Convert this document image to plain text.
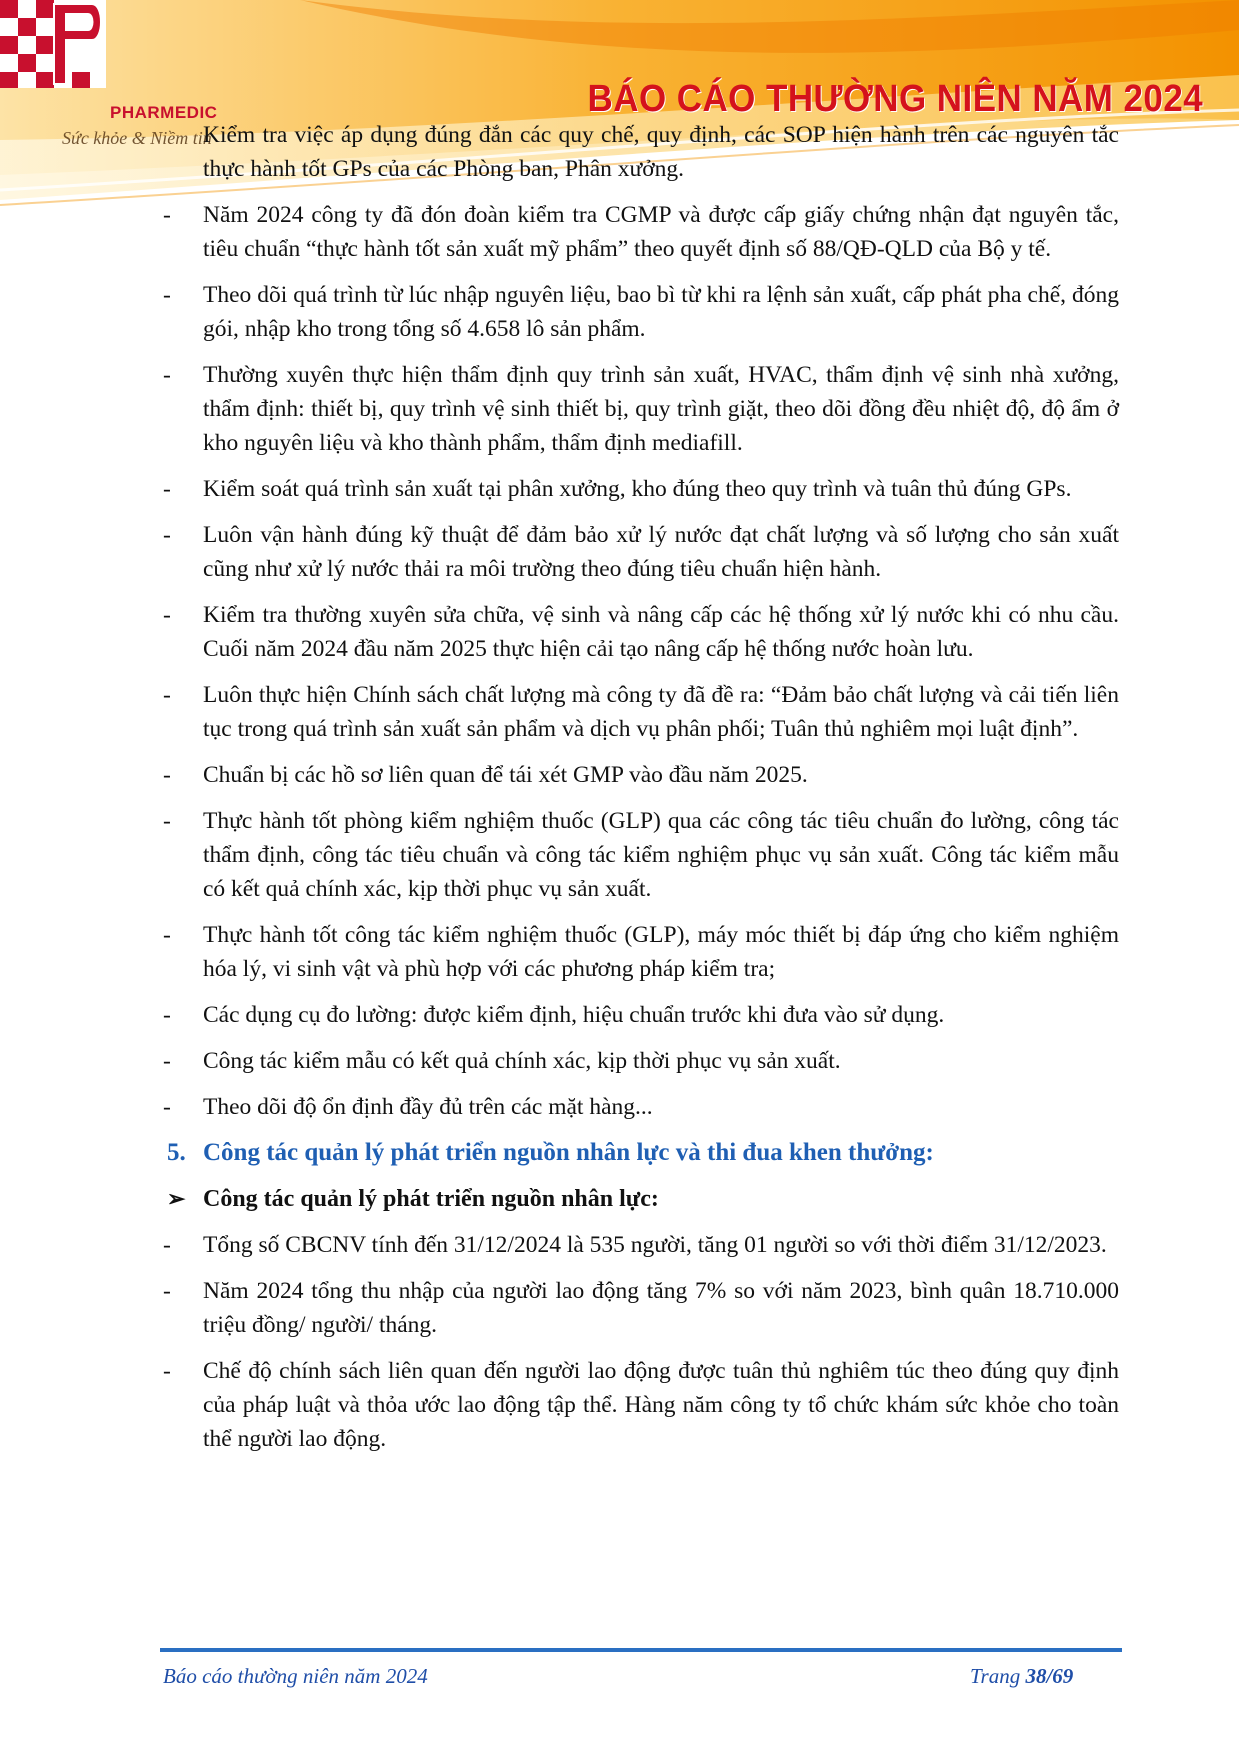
PHARMEDIC
Sức khỏe & Niềm tin
BÁO CÁO THƯỜNG NIÊN NĂM 2024
Kiểm tra việc áp dụng đúng đắn các quy chế, quy định, các SOP hiện hành trên các nguyên tắc thực hành tốt GPs của các Phòng ban, Phân xưởng.
-	Năm 2024 công ty đã đón đoàn kiểm tra CGMP và được cấp giấy chứng nhận đạt nguyên tắc, tiêu chuẩn “thực hành tốt sản xuất mỹ phẩm” theo quyết định số 88/QĐ-QLD của Bộ y tế.
-	Theo dõi quá trình từ lúc nhập nguyên liệu, bao bì từ khi ra lệnh sản xuất, cấp phát pha chế, đóng gói, nhập kho trong tổng số 4.658 lô sản phẩm.
-	Thường xuyên thực hiện thẩm định quy trình sản xuất, HVAC, thẩm định vệ sinh nhà xưởng, thẩm định: thiết bị, quy trình vệ sinh thiết bị, quy trình giặt, theo dõi đồng đều nhiệt độ, độ ẩm ở kho nguyên liệu và kho thành phẩm, thẩm định mediafill.
-	Kiểm soát quá trình sản xuất tại phân xưởng, kho đúng theo quy trình và tuân thủ đúng GPs.
-	Luôn vận hành đúng kỹ thuật để đảm bảo xử lý nước đạt chất lượng và số lượng cho sản xuất cũng như xử lý nước thải ra môi trường theo đúng tiêu chuẩn hiện hành.
-	Kiểm tra thường xuyên sửa chữa, vệ sinh và nâng cấp các hệ thống xử lý nước khi có nhu cầu. Cuối năm 2024 đầu năm 2025 thực hiện cải tạo nâng cấp hệ thống nước hoàn lưu.
-	Luôn thực hiện Chính sách chất lượng mà công ty đã đề ra: “Đảm bảo chất lượng và cải tiến liên tục trong quá trình sản xuất sản phẩm và dịch vụ phân phối; Tuân thủ nghiêm mọi luật định”.
-	Chuẩn bị các hồ sơ liên quan để tái xét GMP vào đầu năm 2025.
-	Thực hành tốt phòng kiểm nghiệm thuốc (GLP) qua các công tác tiêu chuẩn đo lường, công tác thẩm định, công tác tiêu chuẩn và công tác kiểm nghiệm phục vụ sản xuất. Công tác kiểm mẫu có kết quả chính xác, kịp thời phục vụ sản xuất.
-	Thực hành tốt công tác kiểm nghiệm thuốc (GLP), máy móc thiết bị đáp ứng cho kiểm nghiệm hóa lý, vi sinh vật và phù hợp với các phương pháp kiểm tra;
-	Các dụng cụ đo lường: được kiểm định, hiệu chuẩn trước khi đưa vào sử dụng.
-	Công tác kiểm mẫu có kết quả chính xác, kịp thời phục vụ sản xuất.
-	Theo dõi độ ổn định đầy đủ trên các mặt hàng...
5. Công tác quản lý phát triển nguồn nhân lực và thi đua khen thưởng:
➢ Công tác quản lý phát triển nguồn nhân lực:
-	Tổng số CBCNV tính đến 31/12/2024 là 535 người, tăng 01 người so với thời điểm 31/12/2023.
-	Năm 2024 tổng thu nhập của người lao động tăng 7% so với năm 2023, bình quân 18.710.000 triệu đồng/ người/ tháng.
-	Chế độ chính sách liên quan đến người lao động được tuân thủ nghiêm túc theo đúng quy định của pháp luật và thỏa ước lao động tập thể. Hàng năm công ty tổ chức khám sức khỏe cho toàn thể người lao động.
Báo cáo thường niên năm 2024	Trang 38/69
